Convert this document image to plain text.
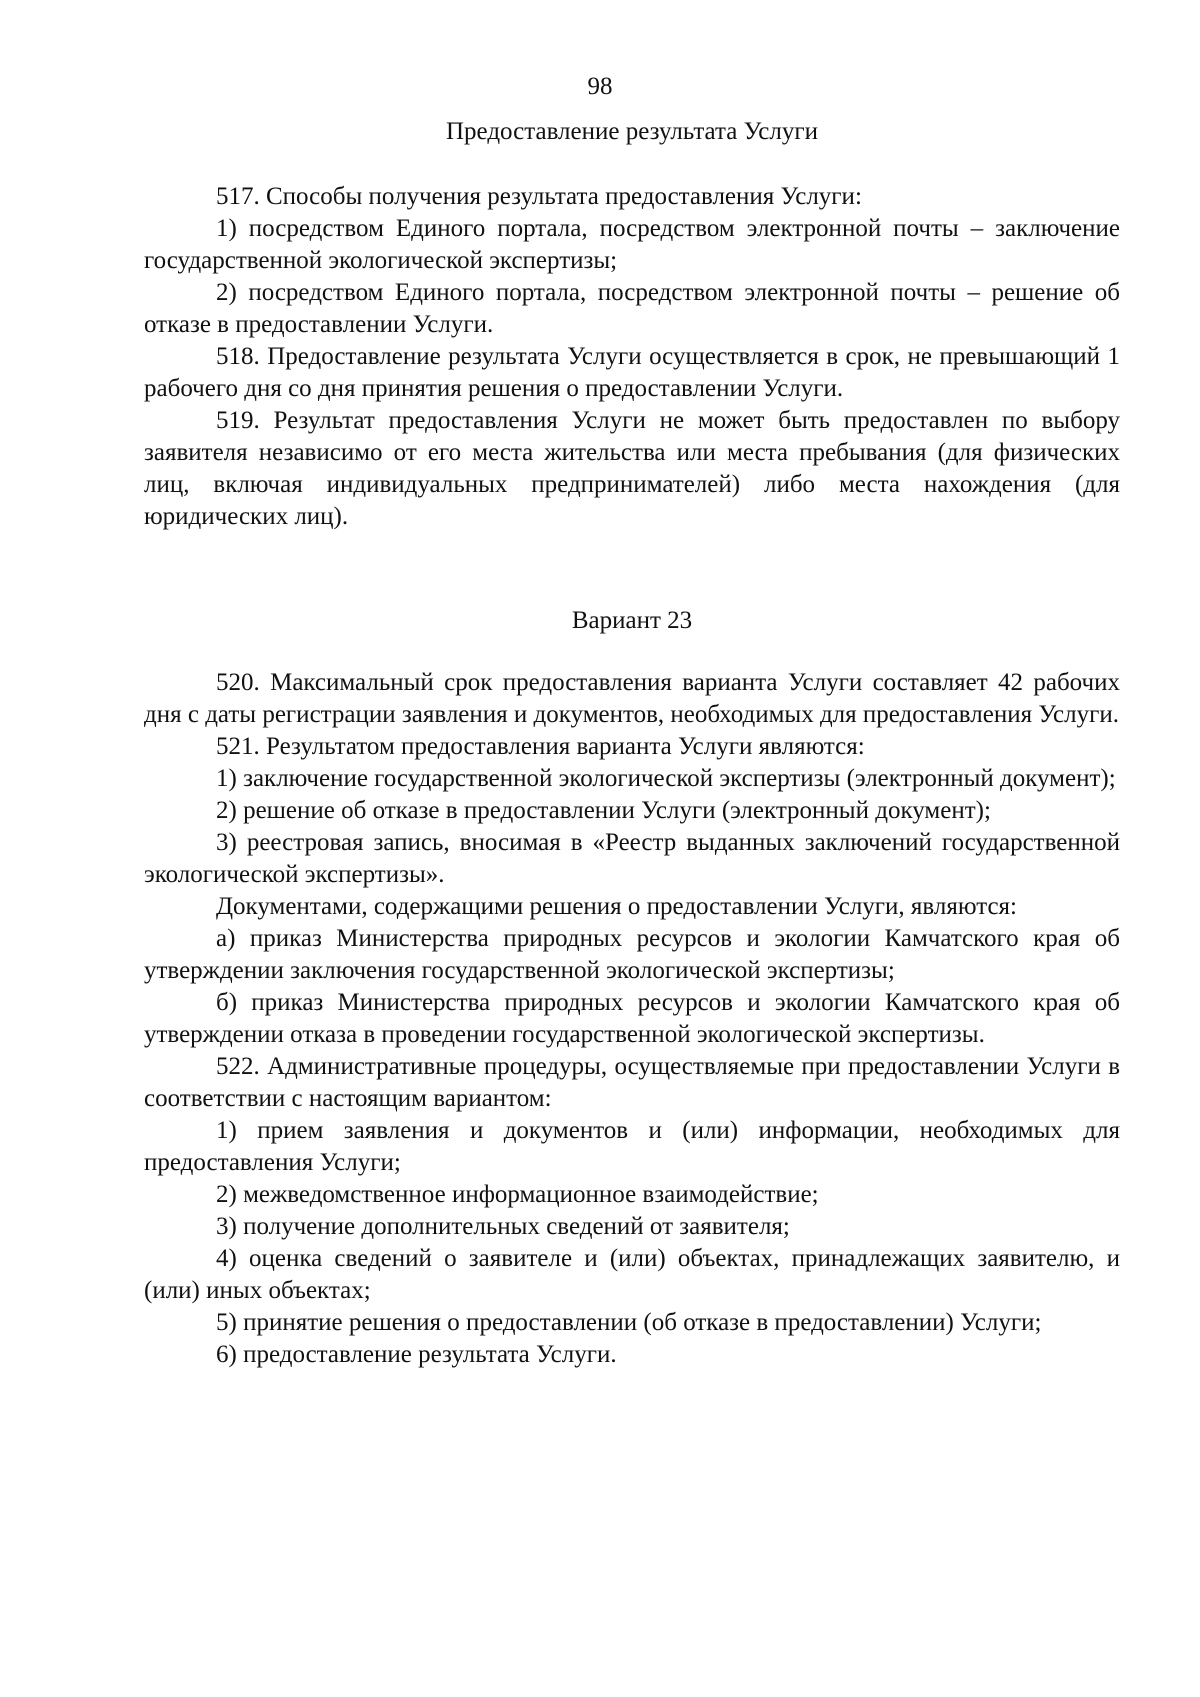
98
Предоставление результата Услуги

517. Способы получения результата предоставления Услуги:

1) посредством Единого портала, посредством электронной почты – заключение государственной экологической экспертизы;

2) посредством Единого портала, посредством электронной почты – решение об отказе в предоставлении Услуги.

518. Предоставление результата Услуги осуществляется в срок, не превышающий 1 рабочего дня со дня принятия решения о предоставлении Услуги.

519. Результат предоставления Услуги не может быть предоставлен по выбору заявителя независимо от его места жительства или места пребывания (для физических лиц, включая индивидуальных предпринимателей) либо места нахождения (для юридических лиц).

Вариант 23

520. Максимальный срок предоставления варианта Услуги составляет 42 рабочих дня с даты регистрации заявления и документов, необходимых для предоставления Услуги.

521. Результатом предоставления варианта Услуги являются:

1) заключение государственной экологической экспертизы (электронный документ);

2) решение об отказе в предоставлении Услуги (электронный документ);

3) реестровая запись, вносимая в «Реестр выданных заключений государственной экологической экспертизы».

Документами, содержащими решения о предоставлении Услуги, являются:

а) приказ Министерства природных ресурсов и экологии Камчатского края об утверждении заключения государственной экологической экспертизы;

б) приказ Министерства природных ресурсов и экологии Камчатского края об утверждении отказа в проведении государственной экологической экспертизы.

522. Административные процедуры, осуществляемые при предоставлении Услуги в соответствии с настоящим вариантом:

1) прием заявления и документов и (или) информации, необходимых для предоставления Услуги;

2) межведомственное информационное взаимодействие;

3) получение дополнительных сведений от заявителя;

4) оценка сведений о заявителе и (или) объектах, принадлежащих заявителю, и (или) иных объектах;

5) принятие решения о предоставлении (об отказе в предоставлении) Услуги;

6) предоставление результата Услуги.
